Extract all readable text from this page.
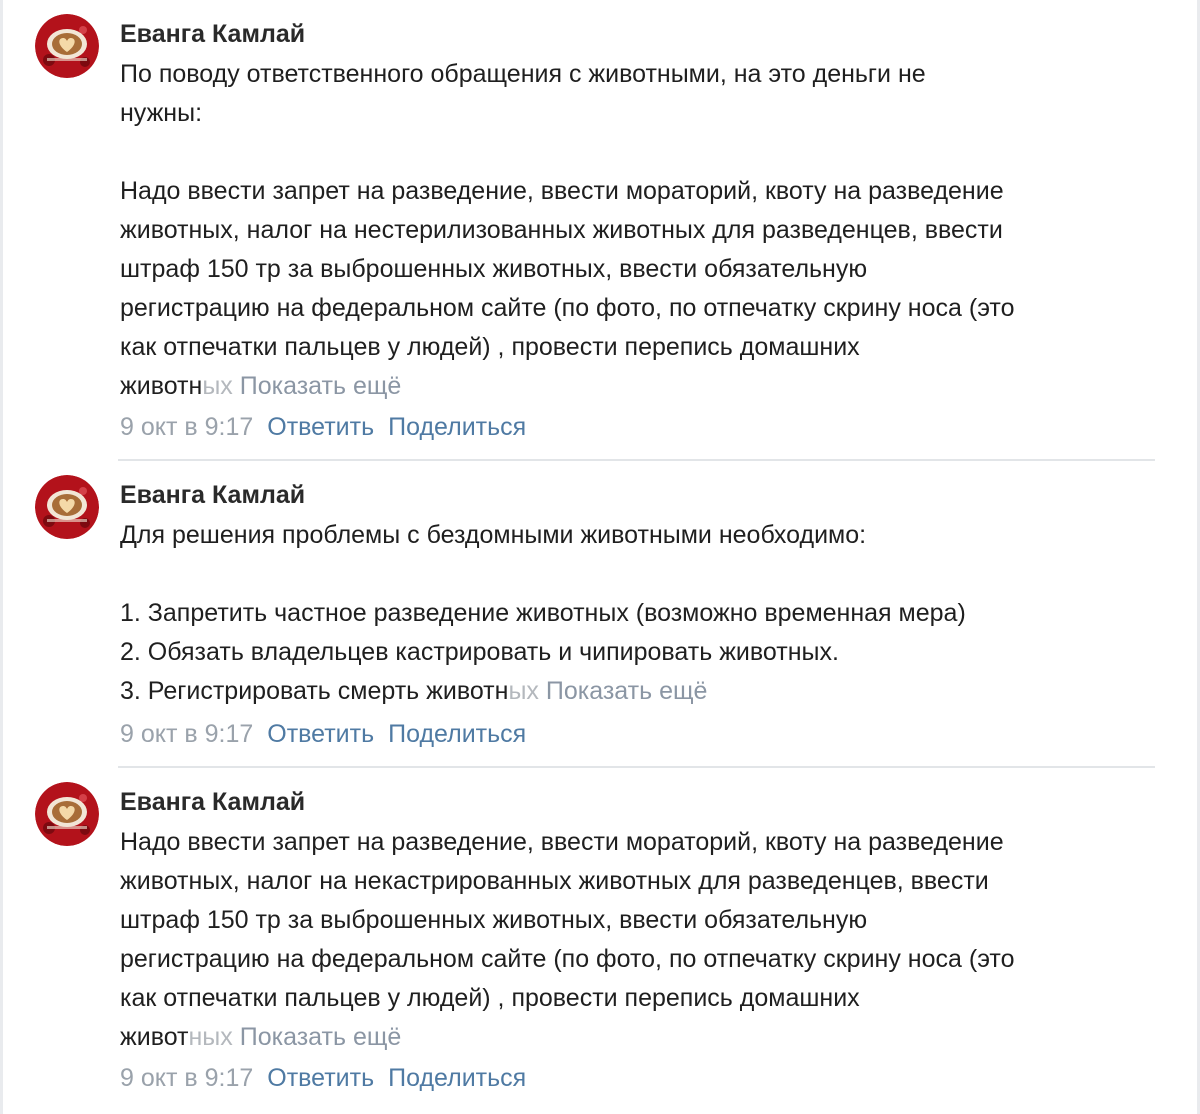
Еванга Камлай
По поводу ответственного обращения с животными, на это деньги не
нужны:
Надо ввести запрет на разведение, ввести мораторий, квоту на разведение
животных, налог на нестерилизованных животных для разведенцев, ввести
штраф 150 тр за выброшенных животных, ввести обязательную
регистрацию на федеральном сайте (по фото, по отпечатку скрину носа (это
как отпечатки пальцев у людей) , провести перепись домашних
животных Показать ещё
9 окт в 9:17 Ответить Поделиться
Еванга Камлай
Для решения проблемы с бездомными животными необходимо:
1. Запретить частное разведение животных (возможно временная мера)
2. Обязать владельцев кастрировать и чипировать животных.
3. Регистрировать смерть животных Показать ещё
9 окт в 9:17 Ответить Поделиться
Еванга Камлай
Надо ввести запрет на разведение, ввести мораторий, квоту на разведение
животных, налог на некастрированных животных для разведенцев, ввести
штраф 150 тр за выброшенных животных, ввести обязательную
регистрацию на федеральном сайте (по фото, по отпечатку скрину носа (это
как отпечатки пальцев у людей) , провести перепись домашних
животных Показать ещё
9 окт в 9:17 Ответить Поделиться
